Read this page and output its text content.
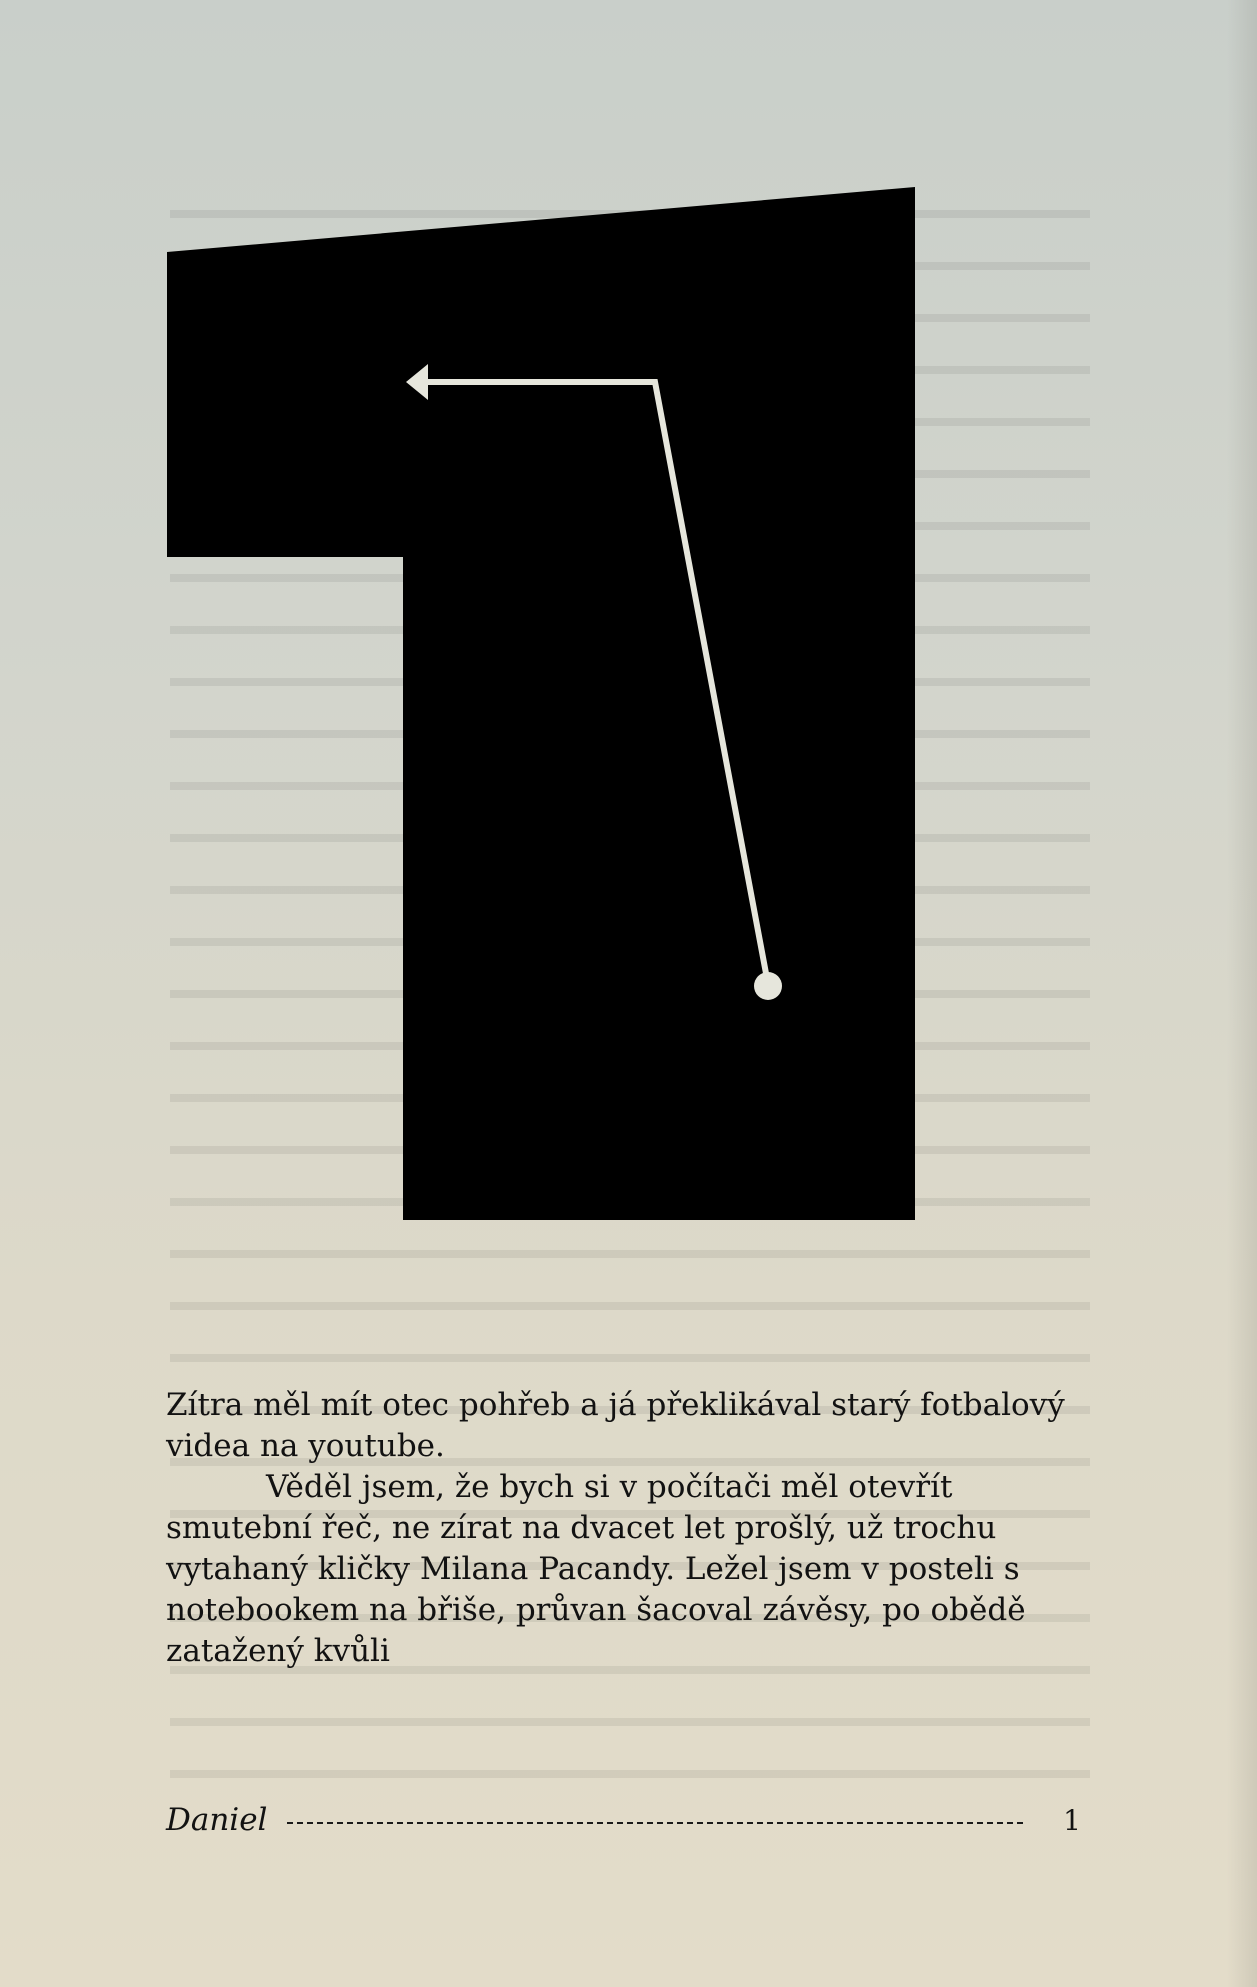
Zítra měl mít otec pohřeb a já překlikával starý fotbalový videa na youtube.

Věděl jsem, že bych si v počítači měl otevřít smutební řeč, ne zírat na dvacet let prošlý, už trochu vytahaný kličky Milana Pacandy. Ležel jsem v posteli s notebookem na břiše, průvan šacoval závěsy, po obědě zatažený kvůli

Daniel	1
